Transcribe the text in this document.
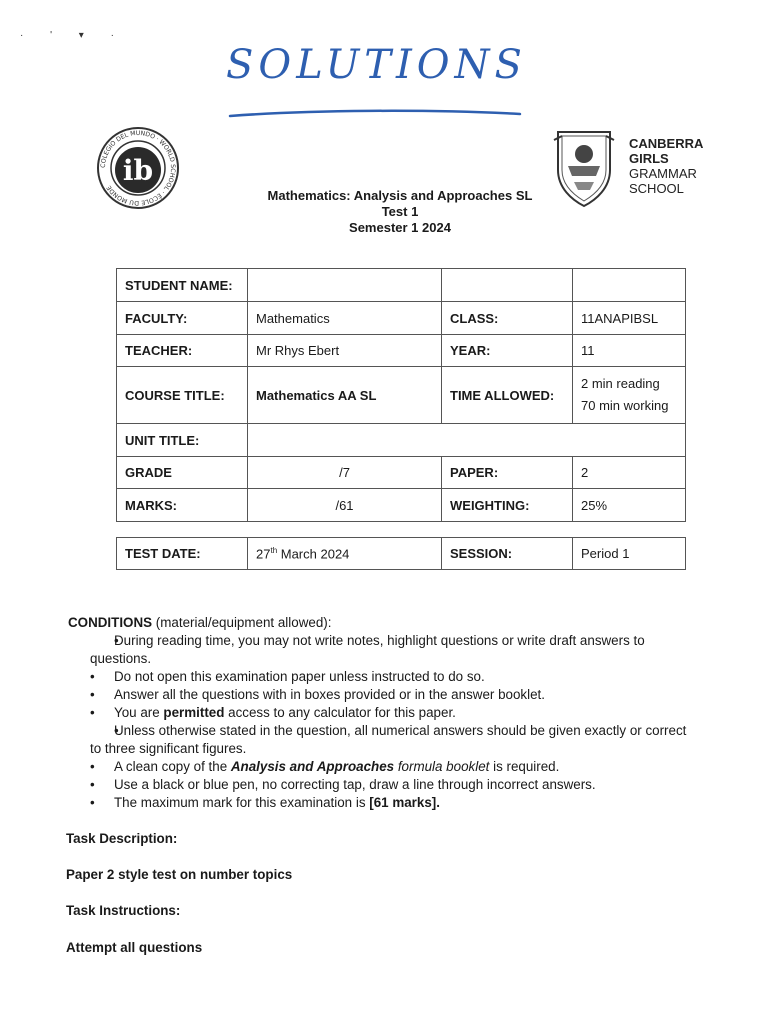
· ' ▾ ·
SOLUTIONS
COLEGIO DEL MUNDO · WORLD SCHOOL · ÉCOLE DU MONDE
ib
CANBERRA
GIRLS
GRAMMAR
SCHOOL
Mathematics: Analysis and Approaches SL
Test 1
Semester 1 2024
STUDENT NAME:			
FACULTY:	Mathematics	CLASS:	11ANAPIBSL
TEACHER:	Mr Rhys Ebert	YEAR:	11
COURSE TITLE:	Mathematics AA SL	TIME ALLOWED:	2 min reading
70 min working

UNIT TITLE:			
GRADE	/7	PAPER:	2
MARKS:	/61	WEIGHTING:	25%
TEST DATE:	27th March 2024	SESSION:	Period 1
CONDITIONS (material/equipment allowed):
• During reading time, you may not write notes, highlight questions or write draft answers to questions.
• Do not open this examination paper unless instructed to do so.
• Answer all the questions with in boxes provided or in the answer booklet.
• You are permitted access to any calculator for this paper.
• Unless otherwise stated in the question, all numerical answers should be given exactly or correct to three significant figures.
• A clean copy of the Analysis and Approaches formula booklet is required.
• Use a black or blue pen, no correcting tap, draw a line through incorrect answers.
• The maximum mark for this examination is [61 marks].
Task Description:
Paper 2 style test on number topics
Task Instructions:
Attempt all questions
